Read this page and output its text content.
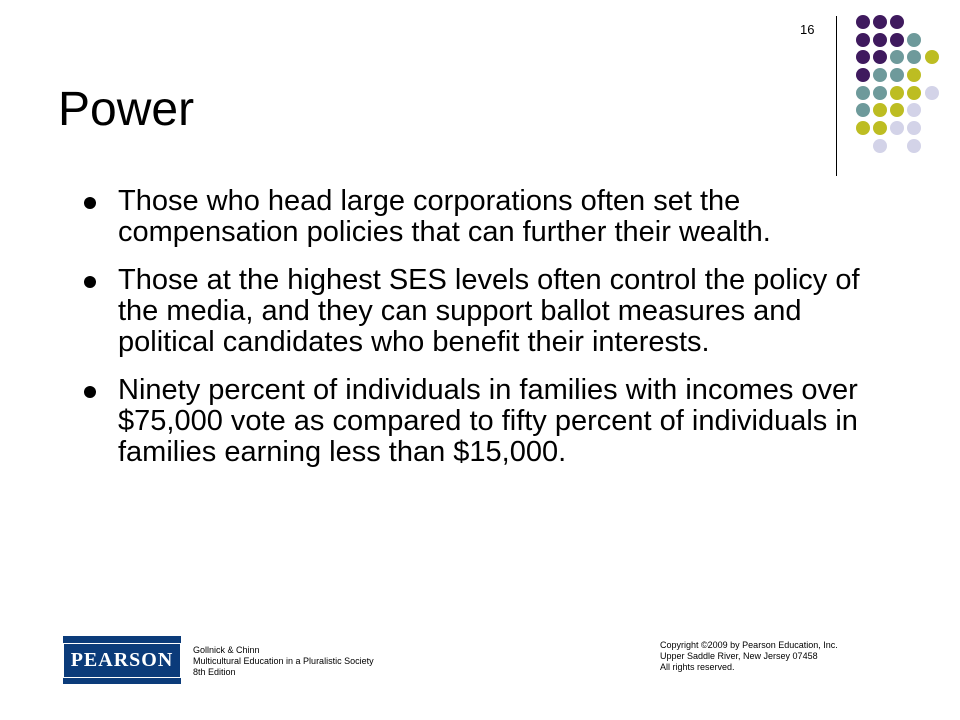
16
Power
Those who head large corporations often set the compensation policies that can further their wealth.
Those at the highest SES levels often control the policy of the media, and they can support ballot measures and political candidates who benefit their interests.
Ninety percent of individuals in families with incomes over $75,000 vote as compared to fifty percent of individuals in families earning less than $15,000.
PEARSON	Gollnick & Chinn
Multicultural Education in a Pluralistic Society
8th Edition
Copyright ©2009 by Pearson Education, Inc.
Upper Saddle River, New Jersey 07458
All rights reserved.
